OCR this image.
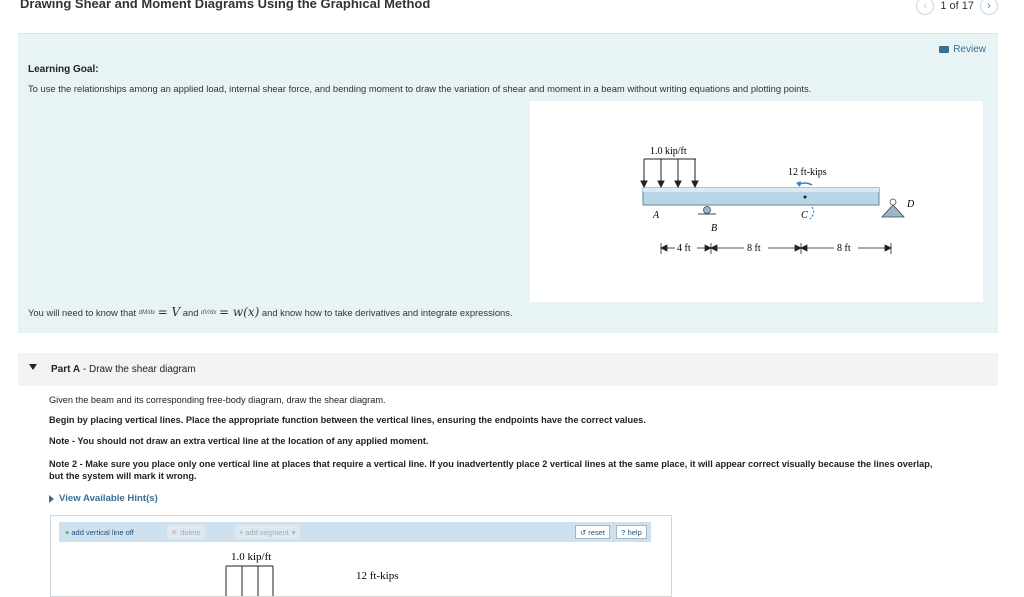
Drawing Shear and Moment Diagrams Using the Graphical Method	‹	1 of 17	›
Review
Learning Goal:
To use the relationships among an applied load, internal shear force, and bending moment to draw the variation of shear and moment in a beam without writing equations and plotting points.
1.0 kip/ft
12 ft-kips
A
B
C
D
4 ft	8 ft	8 ft
You will need to know that dM/dx = V and dV/dx = w(x) and know how to take derivatives and integrate expressions.
Part A - Draw the shear diagram
Given the beam and its corresponding free-body diagram, draw the shear diagram.
Begin by placing vertical lines. Place the appropriate function between the vertical lines, ensuring the endpoints have the correct values.
Note - You should not draw an extra vertical line at the location of any applied moment.
Note 2 - Make sure you place only one vertical line at places that require a vertical line. If you inadvertently place 2 vertical lines at the same place, it will appear correct visually because the lines overlap,
but the system will mark it wrong.
View Available Hint(s)
+ add vertical line off	✕ delete	+ add segment ▾	↺ reset ? help
1.0 kip/ft
12 ft-kips
